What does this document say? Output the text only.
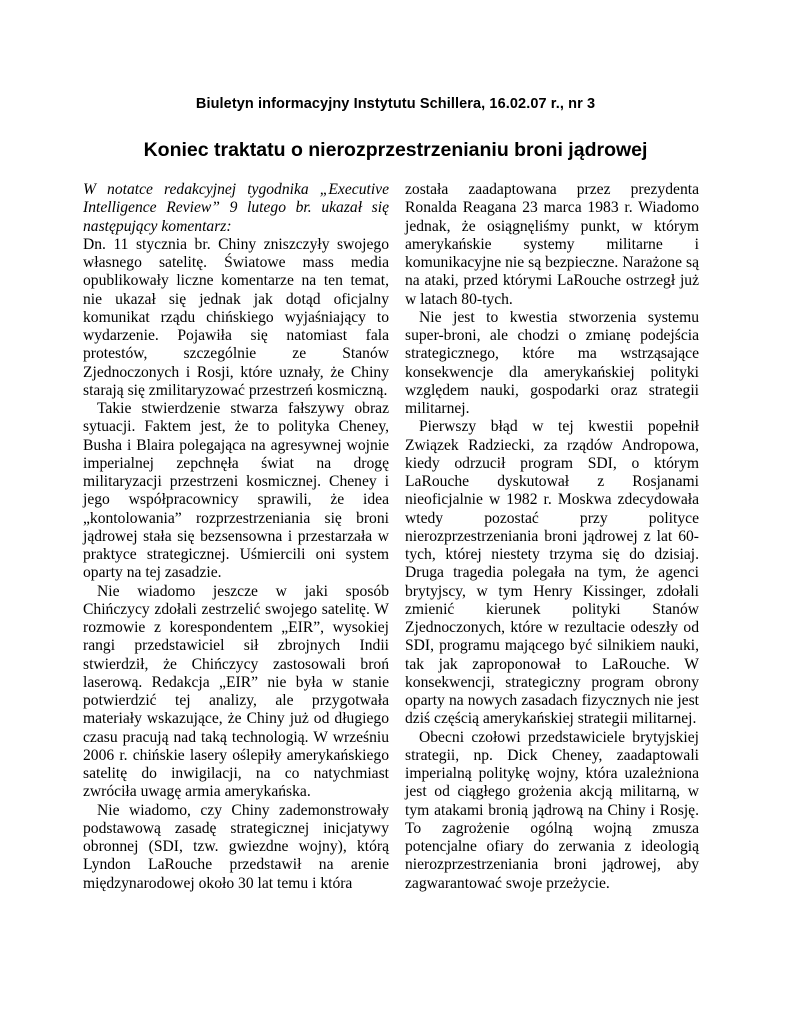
Biuletyn informacyjny Instytutu Schillera, 16.02.07 r., nr 3
Koniec traktatu o nierozprzestrzenianiu broni jądrowej

W notatce redakcyjnej tygodnika „Executive Intelligence Review” 9 lutego br. ukazał się następujący komentarz:

Dn. 11 stycznia br. Chiny zniszczyły swojego własnego satelitę. Światowe mass media opublikowały liczne komentarze na ten temat, nie ukazał się jednak jak dotąd oficjalny komunikat rządu chińskiego wyjaśniający to wydarzenie. Pojawiła się natomiast fala protestów, szczególnie ze Stanów Zjednoczonych i Rosji, które uznały, że Chiny starają się zmilitaryzować przestrzeń kosmiczną.

Takie stwierdzenie stwarza fałszywy obraz sytuacji. Faktem jest, że to polityka Cheney, Busha i Blaira polegająca na agresywnej wojnie imperialnej zepchnęła świat na drogę militaryzacji przestrzeni kosmicznej. Cheney i jego współpracownicy sprawili, że idea „kontolowania” rozprzestrzeniania się broni jądrowej stała się bezsensowna i przestarzała w praktyce strategicznej. Uśmiercili oni system oparty na tej zasadzie.

Nie wiadomo jeszcze w jaki sposób Chińczycy zdołali zestrzelić swojego satelitę. W rozmowie z korespondentem „EIR”, wysokiej rangi przedstawiciel sił zbrojnych Indii stwierdził, że Chińczycy zastosowali broń laserową. Redakcja „EIR” nie była w stanie potwierdzić tej analizy, ale przygotwała materiały wskazujące, że Chiny już od długiego czasu pracują nad taką technologią. W wrześniu 2006 r. chińskie lasery oślepiły amerykańskiego satelitę do inwigilacji, na co natychmiast zwróciła uwagę armia amerykańska.

Nie wiadomo, czy Chiny zademonstrowały podstawową zasadę strategicznej inicjatywy obronnej (SDI, tzw. gwiezdne wojny), którą Lyndon LaRouche przedstawił na arenie międzynarodowej około 30 lat temu i która

została zaadaptowana przez prezydenta Ronalda Reagana 23 marca 1983 r. Wiadomo jednak, że osiągnęliśmy punkt, w którym amerykańskie systemy militarne i komunikacyjne nie są bezpieczne. Narażone są na ataki, przed którymi LaRouche ostrzegł już w latach 80-tych.

Nie jest to kwestia stworzenia systemu super-broni, ale chodzi o zmianę podejścia strategicznego, które ma wstrząsające konsekwencje dla amerykańskiej polityki względem nauki, gospodarki oraz strategii militarnej.

Pierwszy błąd w tej kwestii popełnił Związek Radziecki, za rządów Andropowa, kiedy odrzucił program SDI, o którym LaRouche dyskutował z Rosjanami nieoficjalnie w 1982 r. Moskwa zdecydowała wtedy pozostać przy polityce nierozprzestrzeniania broni jądrowej z lat 60-tych, której niestety trzyma się do dzisiaj. Druga tragedia polegała na tym, że agenci brytyjscy, w tym Henry Kissinger, zdołali zmienić kierunek polityki Stanów Zjednoczonych, które w rezultacie odeszły od SDI, programu mającego być silnikiem nauki, tak jak zaproponował to LaRouche. W konsekwencji, strategiczny program obrony oparty na nowych zasadach fizycznych nie jest dziś częścią amerykańskiej strategii militarnej.

Obecni czołowi przedstawiciele brytyjskiej strategii, np. Dick Cheney, zaadaptowali imperialną politykę wojny, która uzależniona jest od ciągłego grożenia akcją militarną, w tym atakami bronią jądrową na Chiny i Rosję. To zagrożenie ogólną wojną zmusza potencjalne ofiary do zerwania z ideologią nierozprzestrzeniania broni jądrowej, aby zagwarantować swoje przeżycie.
